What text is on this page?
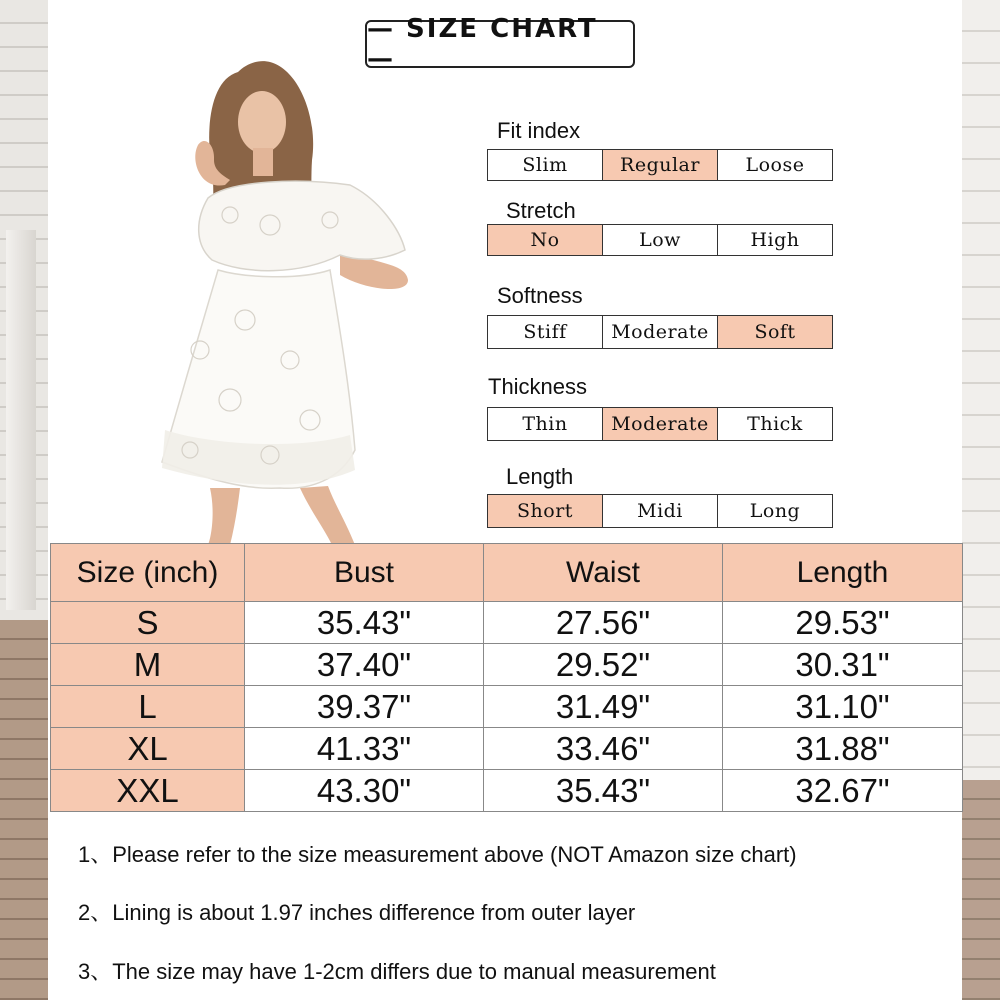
— SIZE CHART —
Fit index
Slim	Regular	Loose
Stretch
No	Low	High
Softness
Stiff	Moderate	Soft
Thickness
Thin	Moderate	Thick
Length
Short	Midi	Long
Size (inch)	Bust	Waist	Length
S	35.43"	27.56"	29.53"
M	37.40"	29.52"	30.31"
L	39.37"	31.49"	31.10"
XL	41.33"	33.46"	31.88"
XXL	43.30"	35.43"	32.67"
1、Please refer to the size measurement above (NOT Amazon size chart)
2、Lining is about 1.97 inches difference from outer layer
3、The size may have 1-2cm differs due to manual measurement
